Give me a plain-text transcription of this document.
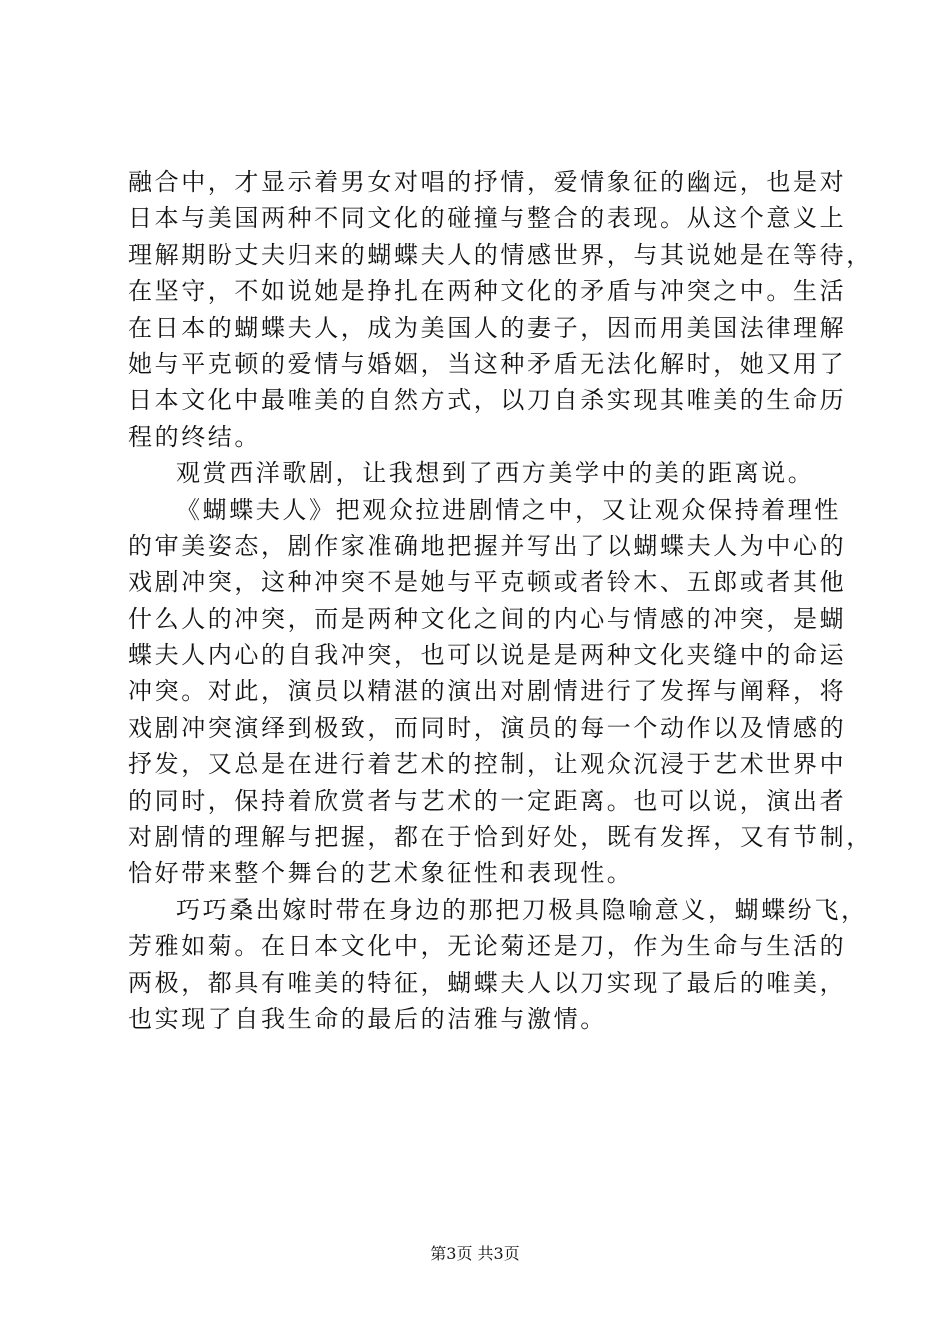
融合中，才显示着男女对唱的抒情，爱情象征的幽远，也是对
日本与美国两种不同文化的碰撞与整合的表现。从这个意义上
理解期盼丈夫归来的蝴蝶夫人的情感世界，与其说她是在等待，
在坚守，不如说她是挣扎在两种文化的矛盾与冲突之中。生活
在日本的蝴蝶夫人，成为美国人的妻子，因而用美国法律理解
她与平克顿的爱情与婚姻，当这种矛盾无法化解时，她又用了
日本文化中最唯美的自然方式，以刀自杀实现其唯美的生命历
程的终结。
观赏西洋歌剧，让我想到了西方美学中的美的距离说。
《蝴蝶夫人》把观众拉进剧情之中，又让观众保持着理性
的审美姿态，剧作家准确地把握并写出了以蝴蝶夫人为中心的
戏剧冲突，这种冲突不是她与平克顿或者铃木、五郎或者其他
什么人的冲突，而是两种文化之间的内心与情感的冲突，是蝴
蝶夫人内心的自我冲突，也可以说是是两种文化夹缝中的命运
冲突。对此，演员以精湛的演出对剧情进行了发挥与阐释，将
戏剧冲突演绎到极致，而同时，演员的每一个动作以及情感的
抒发，又总是在进行着艺术的控制，让观众沉浸于艺术世界中
的同时，保持着欣赏者与艺术的一定距离。也可以说，演出者
对剧情的理解与把握，都在于恰到好处，既有发挥，又有节制，
恰好带来整个舞台的艺术象征性和表现性。
巧巧桑出嫁时带在身边的那把刀极具隐喻意义，蝴蝶纷飞，
芳雅如菊。在日本文化中，无论菊还是刀，作为生命与生活的
两极，都具有唯美的特征，蝴蝶夫人以刀实现了最后的唯美，
也实现了自我生命的最后的洁雅与激情。
第3页 共3页
